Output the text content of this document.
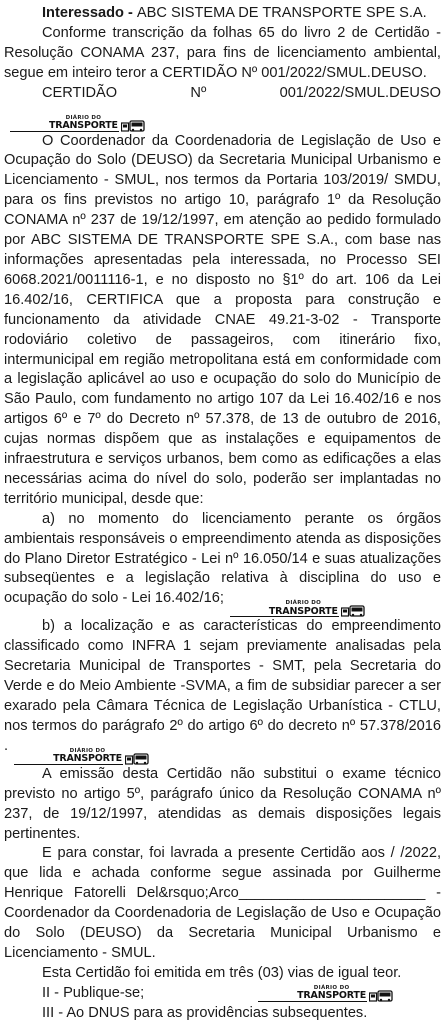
Interessado - ABC SISTEMA DE TRANSPORTE SPE S.A.

Conforme transcrição da folhas 65 do livro 2 de Certidão - Resolução CONAMA 237, para fins de licenciamento ambiental, segue em inteiro teror a CERTIDÃO Nº 001/2022/SMUL.DEUSO.

CERTIDÃO Nº 001/2022/SMUL.DEUSO
DIÁRIO DO
TRANSPORTE

O Coordenador da Coordenadoria de Legislação de Uso e Ocupação do Solo (DEUSO) da Secretaria Municipal Urbanismo e Licenciamento - SMUL, nos termos da Portaria 103/2019/ SMDU, para os fins previstos no artigo 10, parágrafo 1º da Resolução CONAMA nº 237 de 19/12/1997, em atenção ao pedido formulado por ABC SISTEMA DE TRANSPORTE SPE S.A., com base nas informações apresentadas pela interessada, no Processo SEI 6068.2021/0011116-1, e no disposto no §1º do art. 106 da Lei 16.402/16, CERTIFICA que a proposta para construção e funcionamento da atividade CNAE 49.21-3-02 - Transporte rodoviário coletivo de passageiros, com itinerário fixo, intermunicipal em região metropolitana está em conformidade com a legislação aplicável ao uso e ocupação do solo do Município de São Paulo, com fundamento no artigo 107 da Lei 16.402/16 e nos artigos 6º e 7º do Decreto nº 57.378, de 13 de outubro de 2016, cujas normas dispõem que as instalações e equipamentos de infraestrutura e serviços urbanos, bem como as edificações a elas necessárias acima do nível do solo, poderão ser implantadas no território municipal, desde que:

a) no momento do licenciamento perante os órgãos ambientais responsáveis o empreendimento atenda as disposições do Plano Diretor Estratégico - Lei nº 16.050/14 e suas atualizações subseqüentes e a legislação relativa à disciplina do uso e ocupação do solo - Lei 16.402/16;	DIÁRIO DO
TRANSPORTE

b) a localização e as características do empreendimento classificado como INFRA 1 sejam previamente analisadas pela Secretaria Municipal de Transportes - SMT, pela Secretaria do Verde e do Meio Ambiente -SVMA, a fim de subsidiar parecer a ser exarado pela Câmara Técnica de Legislação Urbanística - CTLU, nos termos do parágrafo 2º do artigo 6º do decreto nº 57.378/2016 .	DIÁRIO DO
TRANSPORTE

A emissão desta Certidão não substitui o exame técnico previsto no artigo 5º, parágrafo único da Resolução CONAMA nº 237, de 19/12/1997, atendidas as demais disposições legais pertinentes.

E para constar, foi lavrada a presente Certidão aos / /2022, que lida e achada conforme segue assinada por Guilherme Henrique Fatorelli Del&rsquo;Arco_______________________ - Coordenador da Coordenadoria de Legislação de Uso e Ocupação do Solo (DEUSO) da Secretaria Municipal Urbanismo e Licenciamento - SMUL.

Esta Certidão foi emitida em três (03) vias de igual teor.

II - Publique-se;	DIÁRIO DO
TRANSPORTE

III - Ao DNUS para as providências subsequentes.
